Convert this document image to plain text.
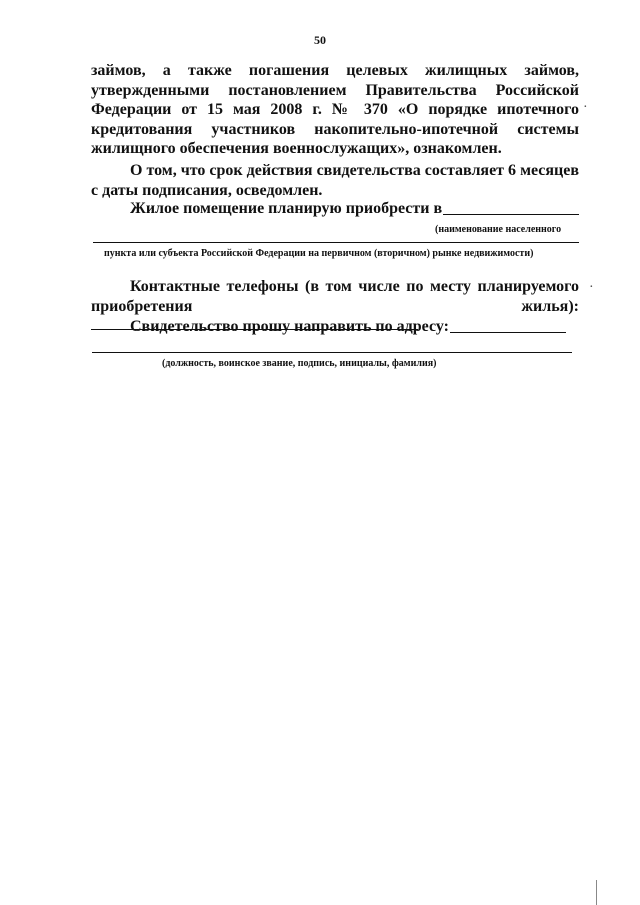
50
займов, а также погашения целевых жилищных займов, утвержденными постановлением Правительства Российской Федерации от 15 мая 2008 г. № 370 «О порядке ипотечного кредитования участников накопительно-ипотечной системы жилищного обеспечения военнослужащих», ознакомлен.
О том, что срок действия свидетельства составляет 6 месяцев с даты подписания, осведомлен.
Жилое помещение планирую приобрести в
(наименование населенного
пункта или субъекта Российской Федерации на первичном (вторичном) рынке недвижимости)
Контактные телефоны (в том числе по месту планируемого приобретения жилья):
Свидетельство прошу направить по адресу:
(должность, воинское звание, подпись, инициалы, фамилия)
·
·
